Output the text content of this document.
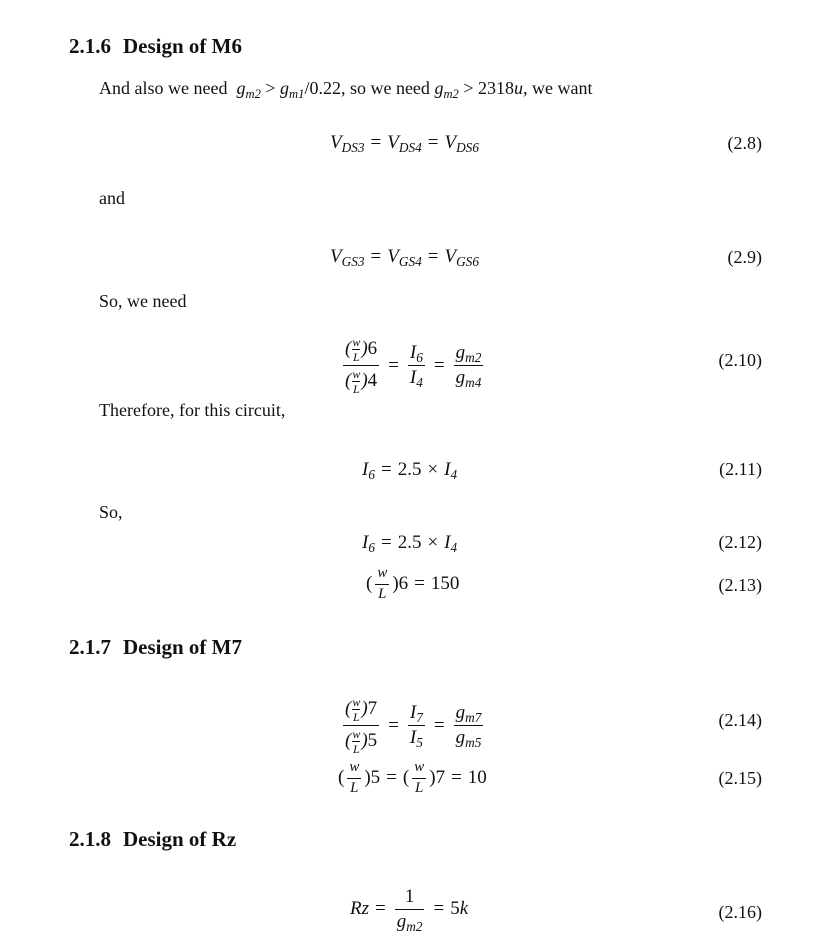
2.1.6 Design of M6
And also we need  $g_{m2} > g_{m1}/0.22$, so we need $g_{m2} > 2318u$, we want
$V_{DS3} = V_{DS4} = V_{DS6}$	(2.8)
and
$V_{GS3} = V_{GS4} = V_{GS6}$	(2.9)
So, we need
$\frac{( \frac{w}{L} )6}{( \frac{w}{L} )4} = \frac{I_6}{I_4} = \frac{g_{m2}}{g_{m4}}$	(2.10)
Therefore, for this circuit,
$I_6 = 2.5 \times I_4$	(2.11)
So,
$I_6 = 2.5 \times I_4$	(2.12)
( $\frac{w}{L} )6 = 150$	(2.13)
2.1.7 Design of M7
$\frac{( \frac{w}{L} )7}{( \frac{w}{L} )5} = \frac{I_7}{I_5} = \frac{g_{m7}}{g_{m5}}$	(2.14)
( $\frac{w}{L} )5$ = ( $\frac{w}{L} )7 = 10$	(2.15)
2.1.8 Design of Rz
$Rz = \frac{1}{g_{m2}} = 5$ k	(2.16)
